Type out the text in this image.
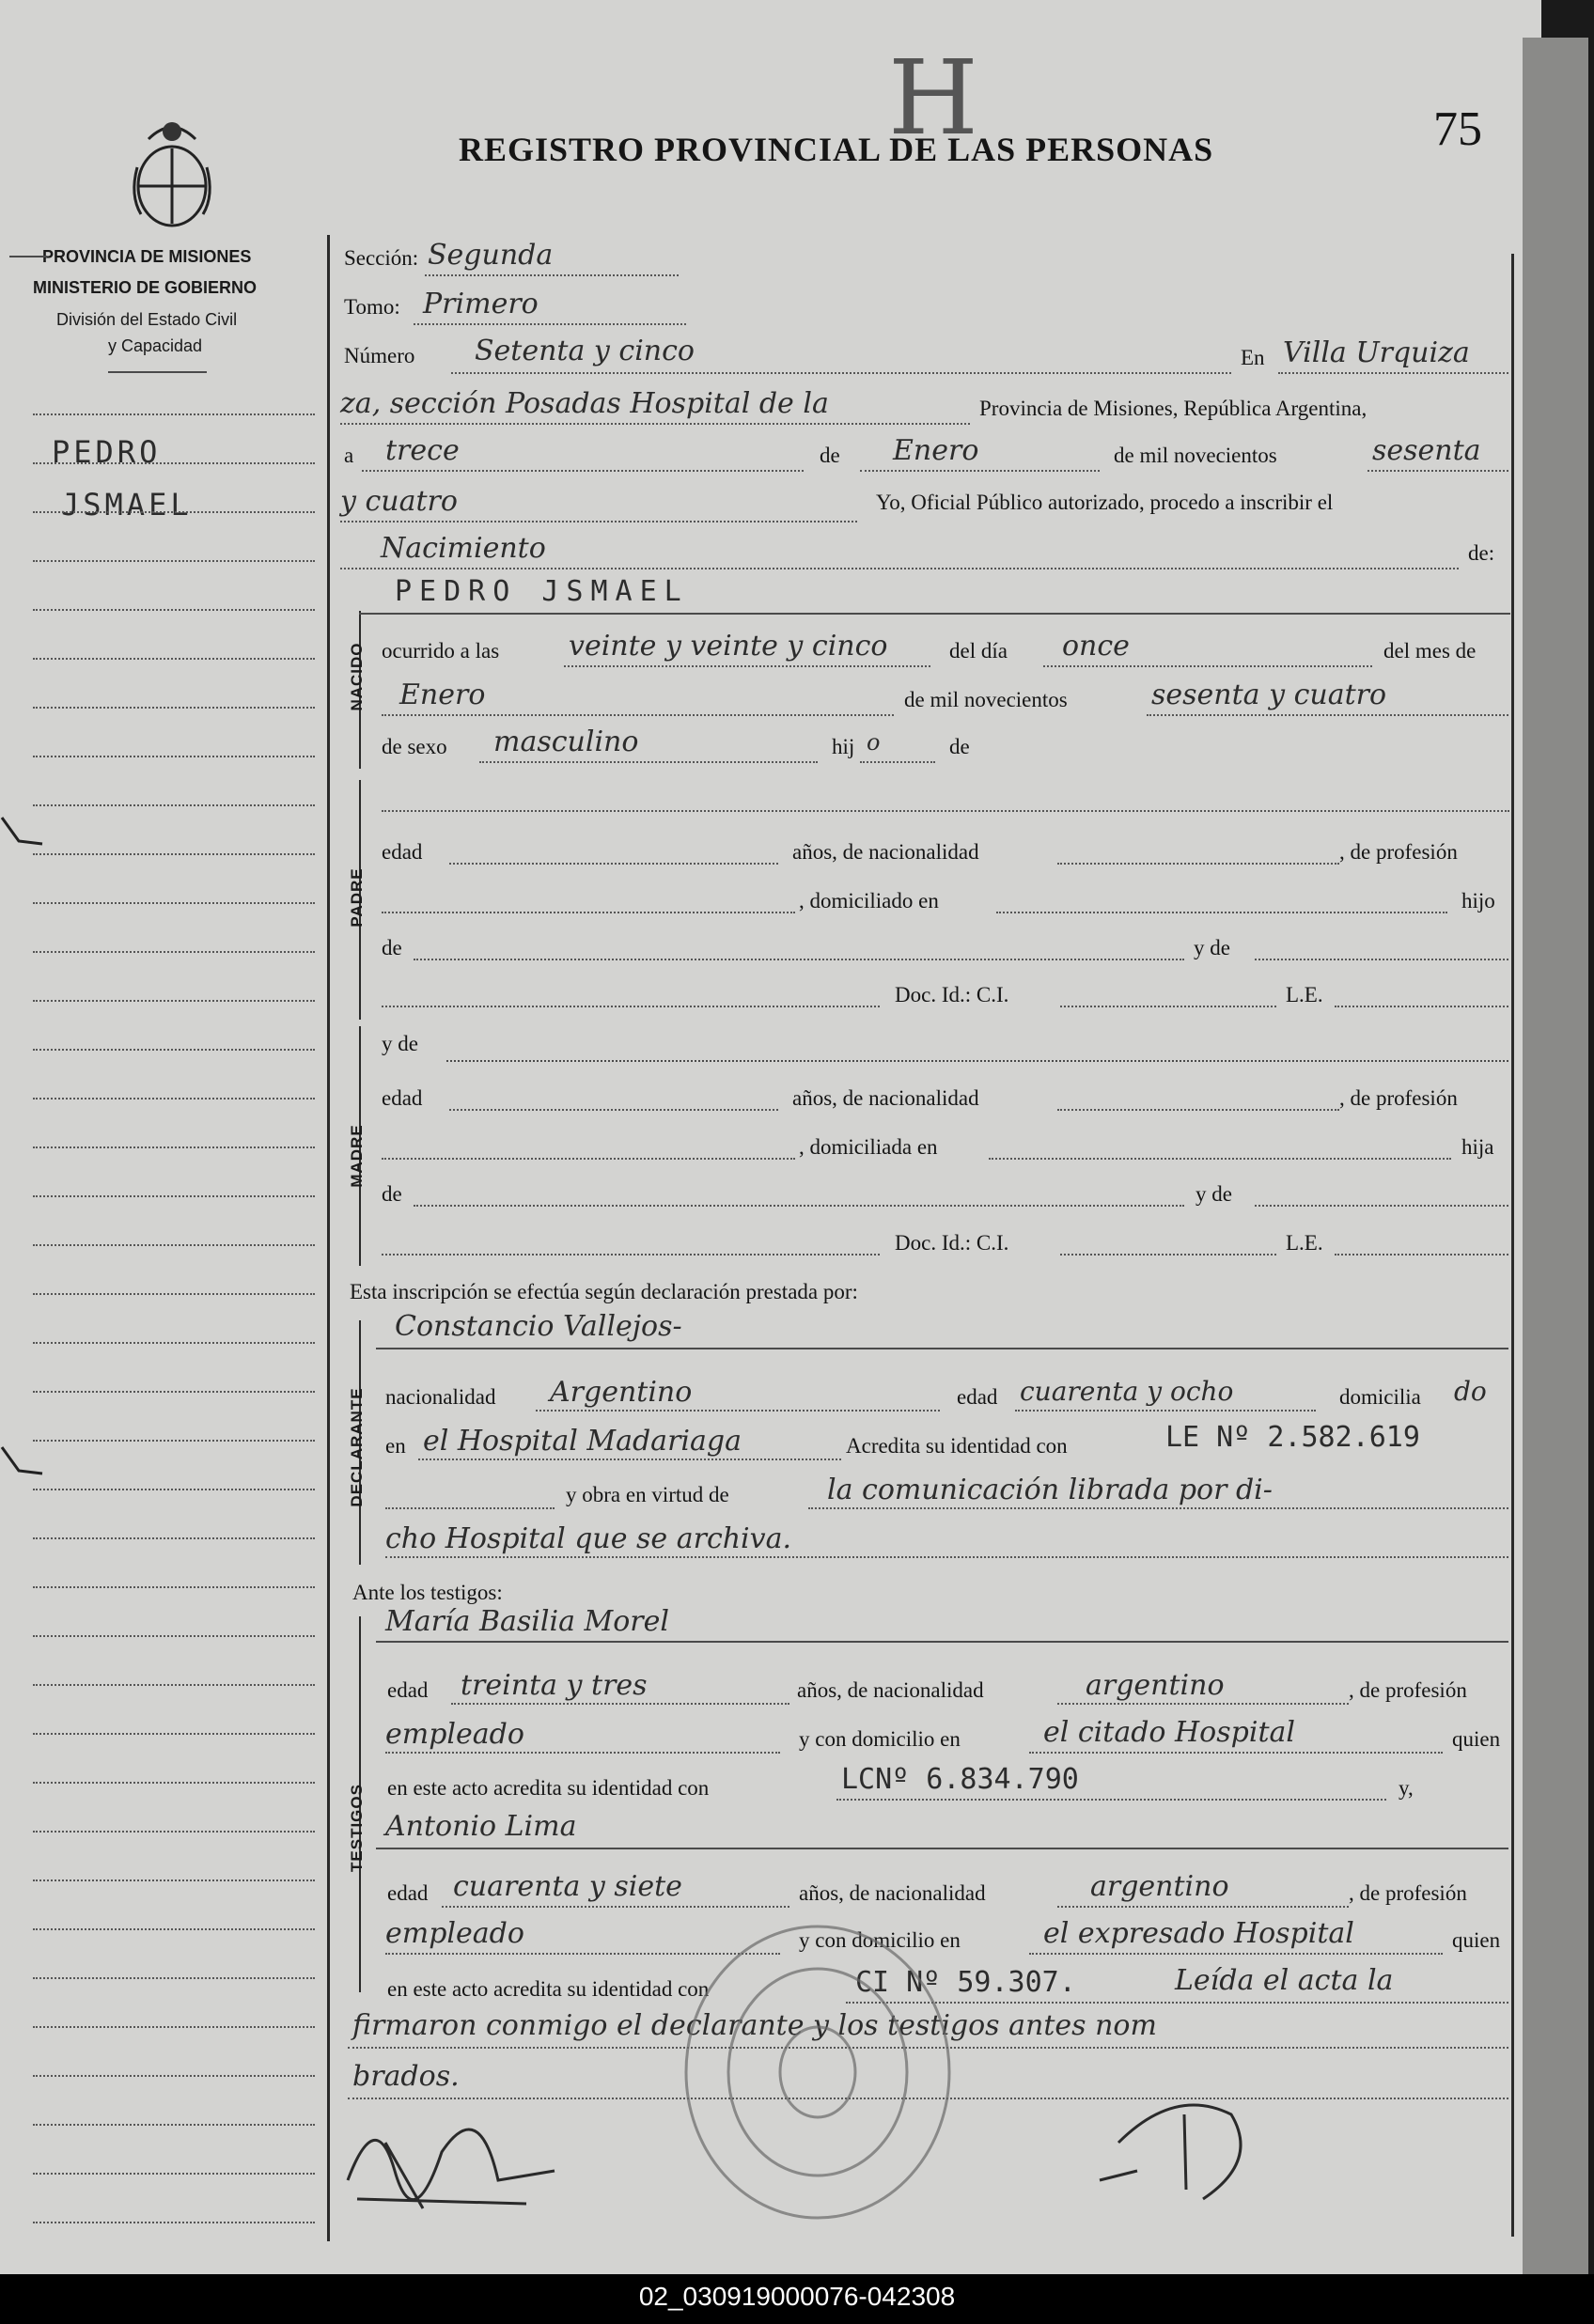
REGISTRO PROVINCIAL DE LAS PERSONAS	75
H
PROVINCIA DE MISIONES
MINISTERIO DE GOBIERNO
División del Estado Civil
y Capacidad
PEDRO
JSMAEL
Sección: Segunda
Tomo: Primero
Número Setenta y cinco	En Villa Urquiza
za, sección Posadas Hospital de la	Provincia de Misiones, República Argentina,
a trece	de Enero	de mil novecientos	sesenta
y cuatro	Yo, Oficial Público autorizado, procedo a inscribir el
Nacimiento	de:
NACIDO
PEDRO JSMAEL
ocurrido a las veinte y veinte y cinco	del día once	del mes de
Enero	de mil novecientos	sesenta y cuatro
de sexo masculino	hij o	de
PADRE
edad	años, de nacionalidad	, de profesión
, domiciliado en	hijo
de	y de
Doc. Id.: C.I.	L.E.
MADRE
y de
edad	años, de nacionalidad	, de profesión
, domiciliada en	hija
de	y de
Doc. Id.: C.I.	L.E.
Esta inscripción se efectúa según declaración prestada por:
DECLARANTE
Constancio Vallejos-
nacionalidad Argentino	edad cuarenta y ocho	domicilia do
en el Hospital Madariaga	Acredita su identidad con	LE Nº 2.582.619
y obra en virtud de	la comunicación librada por di-
cho Hospital que se archiva.
Ante los testigos:
TESTIGOS
María Basilia Morel
edad treinta y tres	años, de nacionalidad	argentino	, de profesión
empleado	y con domicilio en	el citado Hospital	quien
en este acto acredita su identidad con	LCNº 6.834.790	y,
Antonio Lima
edad cuarenta y siete	años, de nacionalidad	argentino	, de profesión
empleado	y con domicilio en	el expresado Hospital	quien
en este acto acredita su identidad con	CI Nº 59.307.	Leída el acta la
firmaron conmigo el declarante y los testigos antes nom
brados.
02_030919000076-042308
